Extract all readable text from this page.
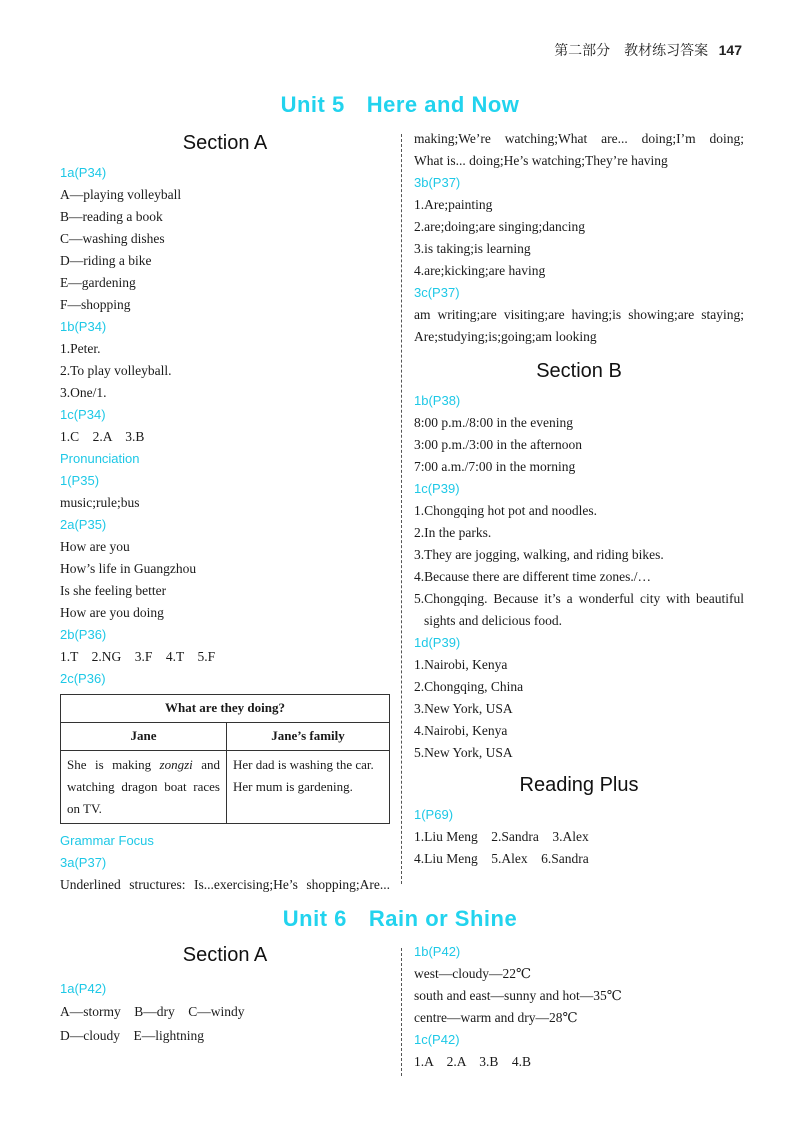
第二部分　教材练习答案 147
Unit 5 Here and Now
Section A
1a(P34)
A—playing volleyball
B—reading a book
C—washing dishes
D—riding a bike
E—gardening
F—shopping
1b(P34)
1.Peter.
2.To play volleyball.
3.One/1.
1c(P34)
1.C　2.A　3.B
Pronunciation
1(P35)
music;rule;bus
2a(P35)
How are you
How’s life in Guangzhou
Is she feeling better
How are you doing
2b(P36)
1.T　2.NG　3.F　4.T　5.F
2c(P36)
What are they doing?	
Jane	Jane’s family
She is making zongzi and watching dragon boat races on TV.	Her dad is washing the car.
Her mum is gardening.
Grammar Focus
3a(P37)
Underlined structures: Is...exercising;He’s shopping;Are...
making;We’re watching;What are... doing;I’m doing;
What is... doing;He’s watching;They’re having
3b(P37)
1.Are;painting
2.are;doing;are singing;dancing
3.is taking;is learning
4.are;kicking;are having
3c(P37)
am writing;are visiting;are having;is showing;are staying;
Are;studying;is;going;am looking
Section B
1b(P38)
8:00 p.m./8:00 in the evening
3:00 p.m./3:00 in the afternoon
7:00 a.m./7:00 in the morning
1c(P39)
1.Chongqing hot pot and noodles.
2.In the parks.
3.They are jogging, walking, and riding bikes.
4.Because there are different time zones./…
5.Chongqing. Because it’s a wonderful city with beautiful
sights and delicious food.
1d(P39)
1.Nairobi, Kenya
2.Chongqing, China
3.New York, USA
4.Nairobi, Kenya
5.New York, USA
Reading Plus
1(P69)
1.Liu Meng　2.Sandra　3.Alex
4.Liu Meng　5.Alex　6.Sandra
Unit 6 Rain or Shine
Section A
1a(P42)
A—stormy　B—dry　C—windy
D—cloudy　E—lightning
1b(P42)
west—cloudy—22℃
south and east—sunny and hot—35℃
centre—warm and dry—28℃
1c(P42)
1.A　2.A　3.B　4.B
